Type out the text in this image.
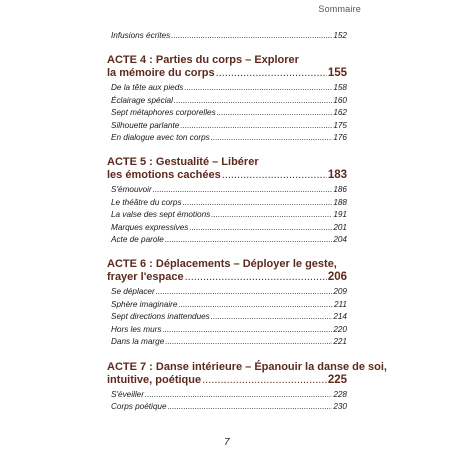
Sommaire
Infusions écrites .....	152
ACTE 4 : Parties du corps – Explorer
la mémoire du corps .....	155
De la tête aux pieds .....	158
Éclairage spécial .....	160
Sept métaphores corporelles .....	162
Silhouette parlante .....	175
En dialogue avec ton corps .....	176
ACTE 5 : Gestualité – Libérer
les émotions cachées .....	183
S'émouvoir .....	186
Le théâtre du corps .....	188
La valse des sept émotions .....	191
Marques expressives .....	201
Acte de parole .....	204
ACTE 6 : Déplacements – Déployer le geste,
frayer l'espace .....	206
Se déplacer .....	209
Sphère imaginaire .....	211
Sept directions inattendues .....	214
Hors les murs .....	220
Dans la marge .....	221
ACTE 7 : Danse intérieure – Épanouir la danse de soi,
intuitive, poétique .....	225
S'éveiller .....	228
Corps poétique .....	230
7
